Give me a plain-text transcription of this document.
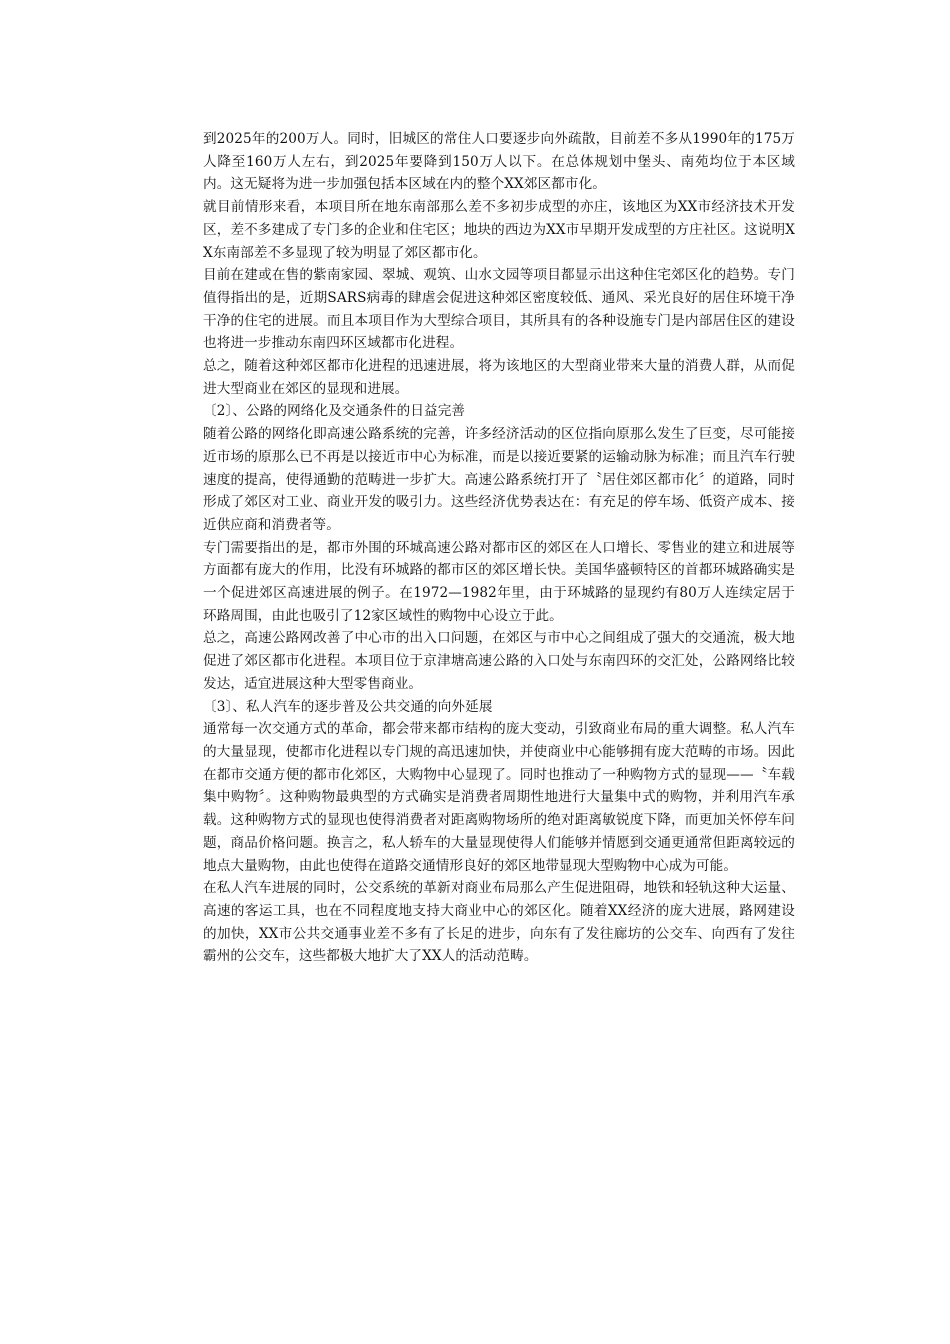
到2025年的200万人。同时，旧城区的常住人口要逐步向外疏散，目前差不多从1990年的175万人降至160万人左右，到2025年要降到150万人以下。在总体规划中堡头、南苑均位于本区域内。这无疑将为进一步加强包括本区域在内的整个XX郊区都市化。

就目前情形来看，本项目所在地东南部那么差不多初步成型的亦庄，该地区为XX市经济技术开发区，差不多建成了专门多的企业和住宅区；地块的西边为XX市早期开发成型的方庄社区。这说明XX东南部差不多显现了较为明显了郊区都市化。

目前在建或在售的紫南家园、翠城、观筑、山水文园等项目都显示出这种住宅郊区化的趋势。专门值得指出的是，近期SARS病毒的肆虐会促进这种郊区密度较低、通风、采光良好的居住环境干净干净的住宅的进展。而且本项目作为大型综合项目，其所具有的各种设施专门是内部居住区的建设也将进一步推动东南四环区域都市化进程。

总之，随着这种郊区都市化进程的迅速进展，将为该地区的大型商业带来大量的消费人群，从而促进大型商业在郊区的显现和进展。

〔2〕、公路的网络化及交通条件的日益完善

随着公路的网络化即高速公路系统的完善，许多经济活动的区位指向原那么发生了巨变，尽可能接近市场的原那么已不再是以接近市中心为标准，而是以接近要紧的运输动脉为标准；而且汽车行驶速度的提高，使得通勤的范畴进一步扩大。高速公路系统打开了〝居住郊区都市化〞的道路，同时形成了郊区对工业、商业开发的吸引力。这些经济优势表达在：有充足的停车场、低资产成本、接近供应商和消费者等。

专门需要指出的是，都市外围的环城高速公路对都市区的郊区在人口增长、零售业的建立和进展等方面都有庞大的作用，比没有环城路的都市区的郊区增长快。美国华盛顿特区的首都环城路确实是一个促进郊区高速进展的例子。在1972—1982年里，由于环城路的显现约有80万人连续定居于环路周围，由此也吸引了12家区域性的购物中心设立于此。

总之，高速公路网改善了中心市的出入口问题，在郊区与市中心之间组成了强大的交通流，极大地促进了郊区都市化进程。本项目位于京津塘高速公路的入口处与东南四环的交汇处，公路网络比较发达，适宜进展这种大型零售商业。

〔3〕、私人汽车的逐步普及公共交通的向外延展

通常每一次交通方式的革命，都会带来都市结构的庞大变动，引致商业布局的重大调整。私人汽车的大量显现，使都市化进程以专门规的高迅速加快，并使商业中心能够拥有庞大范畴的市场。因此在都市交通方便的都市化郊区，大购物中心显现了。同时也推动了一种购物方式的显现——〝车载集中购物〞。这种购物最典型的方式确实是消费者周期性地进行大量集中式的购物，并利用汽车承载。这种购物方式的显现也使得消费者对距离购物场所的绝对距离敏锐度下降，而更加关怀停车问题，商品价格问题。换言之，私人轿车的大量显现使得人们能够并情愿到交通更通常但距离较远的地点大量购物，由此也使得在道路交通情形良好的郊区地带显现大型购物中心成为可能。

在私人汽车进展的同时，公交系统的革新对商业布局那么产生促进阻碍，地铁和轻轨这种大运量、高速的客运工具，也在不同程度地支持大商业中心的郊区化。随着XX经济的庞大进展，路网建设的加快，XX市公共交通事业差不多有了长足的进步，向东有了发往廊坊的公交车、向西有了发往霸州的公交车，这些都极大地扩大了XX人的活动范畴。
